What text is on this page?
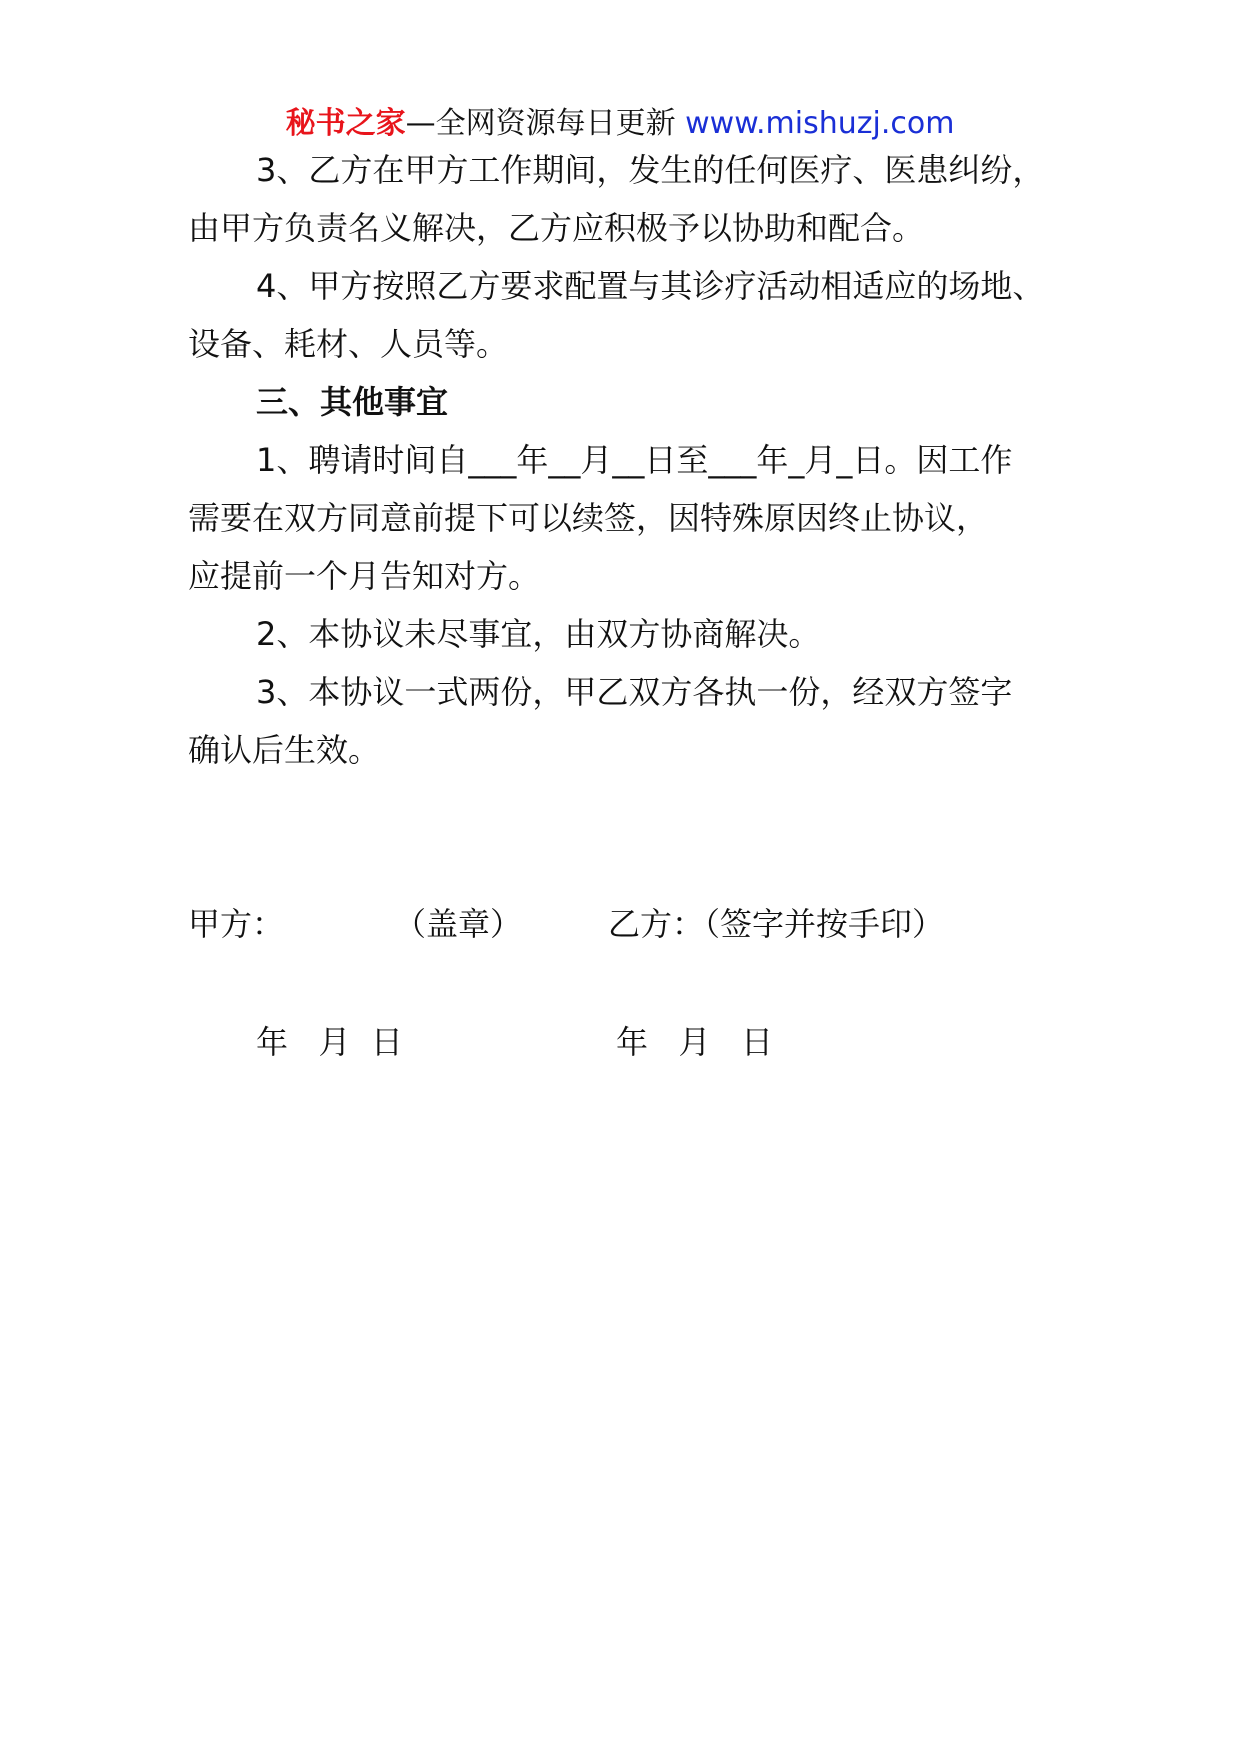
秘书之家—全网资源每日更新 www.mishuzj.com
3、乙方在甲方工作期间，发生的任何医疗、医患纠纷，
由甲方负责名义解决，乙方应积极予以协助和配合。
4、甲方按照乙方要求配置与其诊疗活动相适应的场地、
设备、耗材、人员等。
三、其他事宜
1、聘请时间自___年__月__日至___年_月_日。因工作
需要在双方同意前提下可以续签，因特殊原因终止协议，
应提前一个月告知对方。
2、本协议未尽事宜，由双方协商解决。
3、本协议一式两份，甲乙双方各执一份，经双方签字
确认后生效。
甲方：	（盖章）	乙方：（签字并按手印）
年   月  日	年   月   日
